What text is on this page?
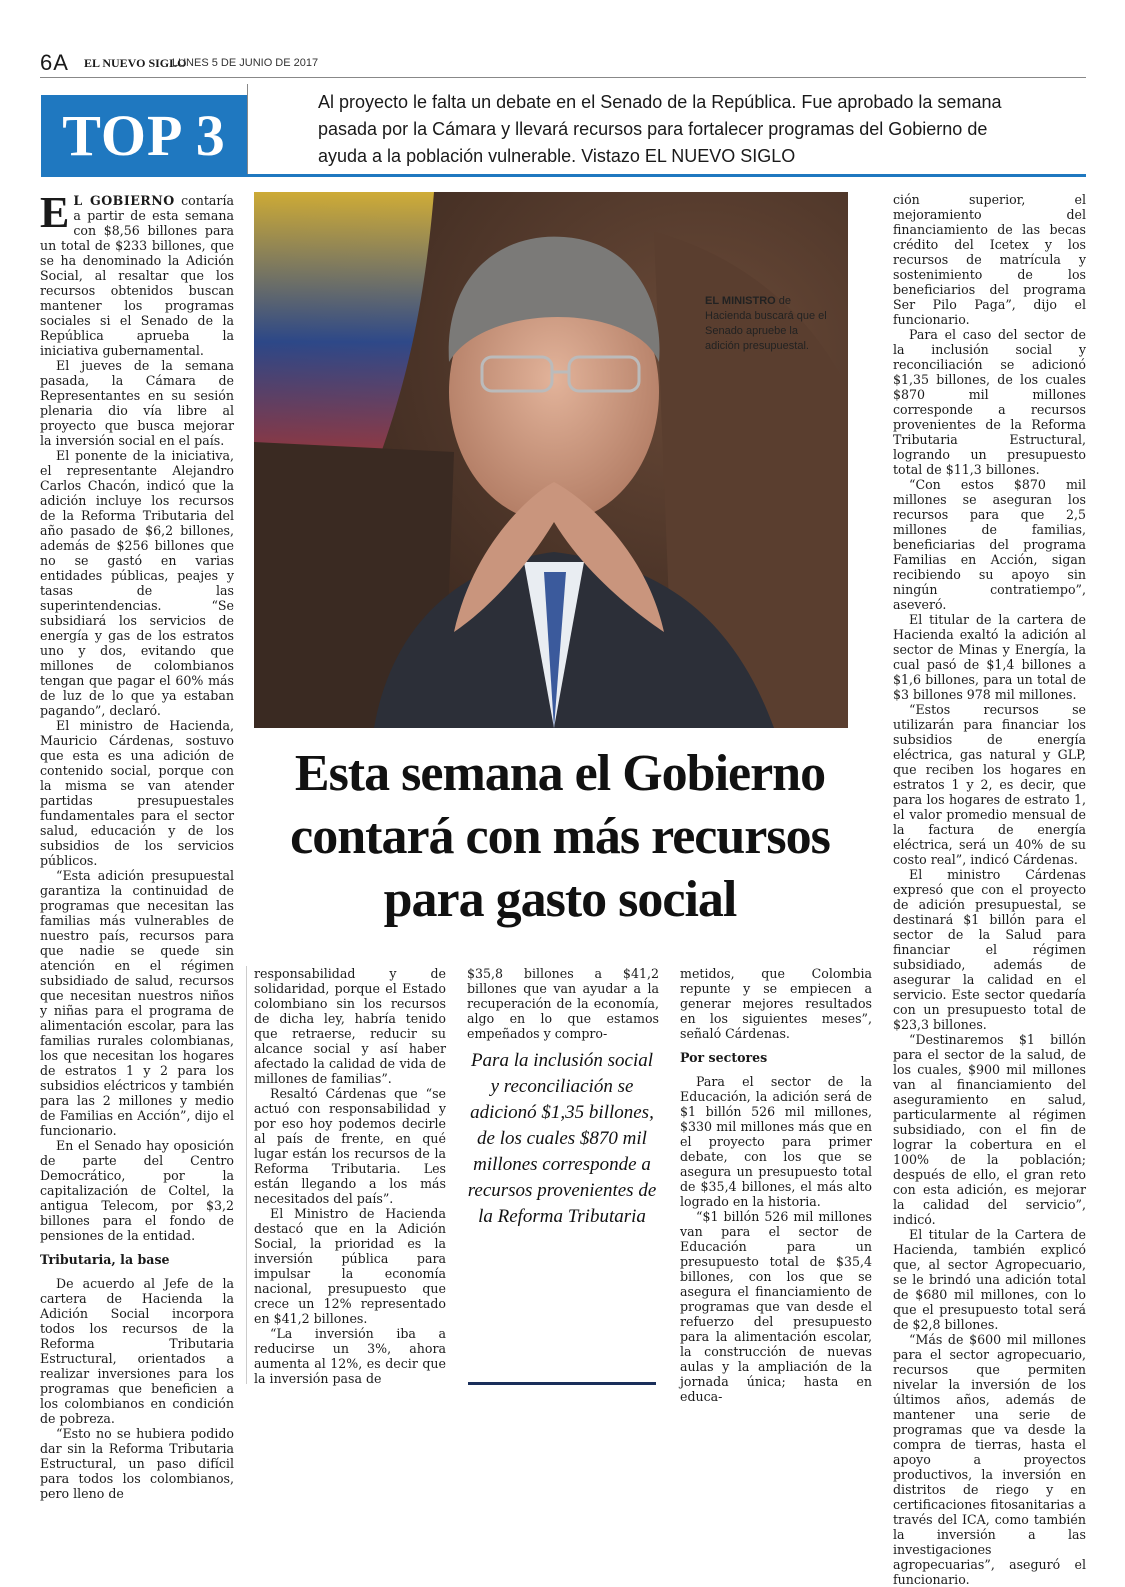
6A EL NUEVO SIGLO
LUNES 5 DE JUNIO DE 2017
TOP 3
Al proyecto le falta un debate en el Senado de la República. Fue aprobado la semana pasada por la Cámara y llevará recursos para fortalecer programas del Gobierno de ayuda a la población vulnerable. Vistazo EL NUEVO SIGLO
EL MINISTRO de Hacienda buscará que el Senado apruebe la adición presupuestal.
Esta semana el Gobierno contará con más recursos para gasto social

E L GOBIERNO contaría a partir de esta semana con $8,56 billones para un total de $233 billones, que se ha denominado la Adición Social, al resaltar que los recursos obtenidos buscan mantener los programas sociales si el Senado de la República aprueba la iniciativa gubernamental.

El jueves de la semana pasada, la Cámara de Representantes en su sesión plenaria dio vía libre al proyecto que busca mejorar la inversión social en el país.

El ponente de la iniciativa, el representante Alejandro Carlos Chacón, indicó que la adición incluye los recursos de la Reforma Tributaria del año pasado de $6,2 billones, además de $256 billones que no se gastó en varias entidades públicas, peajes y tasas de las superintendencias. “Se subsidiará los servicios de energía y gas de los estratos uno y dos, evitando que millones de colombianos tengan que pagar el 60% más de luz de lo que ya estaban pagando”, declaró.

El ministro de Hacienda, Mauricio Cárdenas, sostuvo que esta es una adición de contenido social, porque con la misma se van atender partidas presupuestales fundamentales para el sector salud, educación y de los subsidios de los servicios públicos.

“Esta adición presupuestal garantiza la continuidad de programas que necesitan las familias más vulnerables de nuestro país, recursos para que nadie se quede sin atención en el régimen subsidiado de salud, recursos que necesitan nuestros niños y niñas para el programa de alimentación escolar, para las familias rurales colombianas, los que necesitan los hogares de estratos 1 y 2 para los subsidios eléctricos y también para las 2 millones y medio de Familias en Acción”, dijo el funcionario.

En el Senado hay oposición de parte del Centro Democrático, por la capitalización de Coltel, la antigua Telecom, por $3,2 billones para el fondo de pensiones de la entidad.

Tributaria, la base

De acuerdo al Jefe de la cartera de Hacienda la Adición Social incorpora todos los recursos de la Reforma Tributaria Estructural, orientados a realizar inversiones para los programas que beneficien a los colombianos en condición de pobreza.

“Esto no se hubiera podido dar sin la Reforma Tributaria Estructural, un paso difícil para todos los colombianos, pero lleno de

responsabilidad y de solidaridad, porque el Estado colombiano sin los recursos de dicha ley, habría tenido que retraerse, reducir su alcance social y así haber afectado la calidad de vida de millones de familias”.

Resaltó Cárdenas que “se actuó con responsabilidad y por eso hoy podemos decirle al país de frente, en qué lugar están los recursos de la Reforma Tributaria. Les están llegando a los más necesitados del país”.

El Ministro de Hacienda destacó que en la Adición Social, la prioridad es la inversión pública para impulsar la economía nacional, presupuesto que crece un 12% representado en $41,2 billones.

“La inversión iba a reducirse un 3%, ahora aumenta al 12%, es decir que la inversión pasa de

$35,8 billones a $41,2 billones que van ayudar a la recuperación de la economía, algo en lo que estamos empeñados y compro-

Para la inclusión social y reconciliación se adicionó $1,35 billones, de los cuales $870 mil millones corresponde a recursos provenientes de la Reforma Tributaria

metidos, que Colombia repunte y se empiecen a generar mejores resultados en los siguientes meses”, señaló Cárdenas.

Por sectores

Para el sector de la Educación, la adición será de $1 billón 526 mil millones, $330 mil millones más que en el proyecto para primer debate, con los que se asegura un presupuesto total de $35,4 billones, el más alto logrado en la historia.

“$1 billón 526 mil millones van para el sector de Educación para un presupuesto total de $35,4 billones, con los que se asegura el financiamiento de programas que van desde el refuerzo del presupuesto para la alimentación escolar, la construcción de nuevas aulas y la ampliación de la jornada única; hasta en educa-

ción superior, el mejoramiento del financiamiento de las becas crédito del Icetex y los recursos de matrícula y sostenimiento de los beneficiarios del programa Ser Pilo Paga”, dijo el funcionario.

Para el caso del sector de la inclusión social y reconciliación se adicionó $1,35 billones, de los cuales $870 mil millones corresponde a recursos provenientes de la Reforma Tributaria Estructural, logrando un presupuesto total de $11,3 billones.

“Con estos $870 mil millones se aseguran los recursos para que 2,5 millones de familias, beneficiarias del programa Familias en Acción, sigan recibiendo su apoyo sin ningún contratiempo”, aseveró.

El titular de la cartera de Hacienda exaltó la adición al sector de Minas y Energía, la cual pasó de $1,4 billones a $1,6 billones, para un total de $3 billones 978 mil millones.

“Estos recursos se utilizarán para financiar los subsidios de energía eléctrica, gas natural y GLP, que reciben los hogares en estratos 1 y 2, es decir, que para los hogares de estrato 1, el valor promedio mensual de la factura de energía eléctrica, será un 40% de su costo real”, indicó Cárdenas.

El ministro Cárdenas expresó que con el proyecto de adición presupuestal, se destinará $1 billón para el sector de la Salud para financiar el régimen subsidiado, además de asegurar la calidad en el servicio. Este sector quedaría con un presupuesto total de $23,3 billones.

“Destinaremos $1 billón para el sector de la salud, de los cuales, $900 mil millones van al financiamiento del aseguramiento en salud, particularmente al régimen subsidiado, con el fin de lograr la cobertura en el 100% de la población; después de ello, el gran reto con esta adición, es mejorar la calidad del servicio”, indicó.

El titular de la Cartera de Hacienda, también explicó que, al sector Agropecuario, se le brindó una adición total de $680 mil millones, con lo que el presupuesto total será de $2,8 billones.

“Más de $600 mil millones para el sector agropecuario, recursos que permiten nivelar la inversión de los últimos años, además de mantener una serie de programas que va desde la compra de tierras, hasta el apoyo a proyectos productivos, la inversión en distritos de riego y en certificaciones fitosanitarias a través del ICA, como también la inversión a las investigaciones agropecuarias”, aseguró el funcionario.
